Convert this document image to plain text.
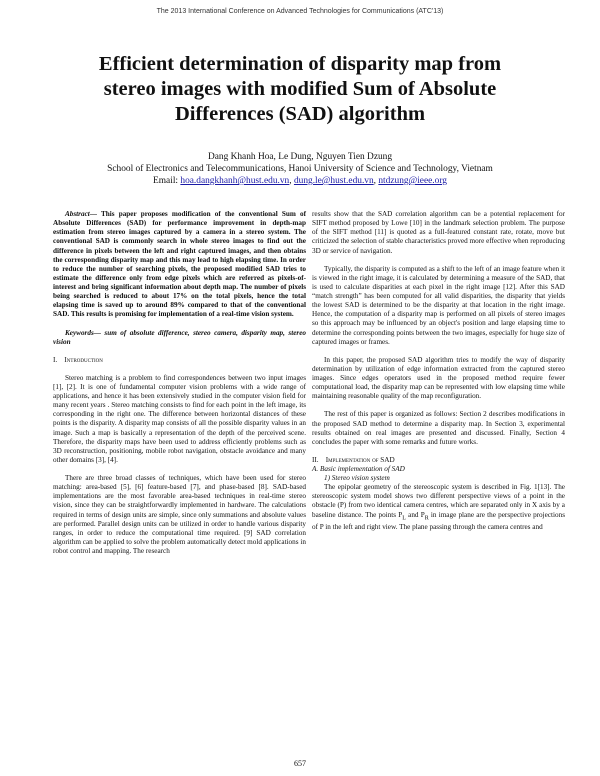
The 2013 International Conference on Advanced Technologies for Communications (ATC'13)
Efficient determination of disparity map from
stereo images with modified Sum of Absolute
Differences (SAD) algorithm
Dang Khanh Hoa, Le Dung, Nguyen Tien Dzung
School of Electronics and Telecommunications, Hanoi University of Science and Technology, Vietnam
Email: hoa.dangkhanh@hust.edu.vn, dung.le@hust.edu.vn, ntdzung@ieee.org

Abstract— This paper proposes modification of the conventional Sum of Absolute Differences (SAD) for performance improvement in depth-map estimation from stereo images captured by a camera in a stereo system. The conventional SAD is commonly search in whole stereo images to find out the difference in pixels between the left and right captured images, and then obtains the corresponding disparity map and this may lead to high elapsing time. In order to reduce the number of searching pixels, the proposed modified SAD tries to estimate the difference only from edge pixels which are referred as pixels-of-interest and bring significant information about depth map. The number of pixels being searched is reduced to about 17% on the total pixels, hence the total elapsing time is saved up to around 89% compared to that of the conventional SAD. This results is promising for implementation of a real-time vision system.

Keywords— sum of absolute difference, stereo camera, disparity map, stereo vision

I. Introduction

Stereo matching is a problem to find correspondences between two input images [1], [2]. It is one of fundamental computer vision problems with a wide range of applications, and hence it has been extensively studied in the computer vision field for many recent years . Stereo matching consists to find for each point in the left image, its corresponding in the right one. The difference between horizontal distances of these points is the disparity. A disparity map consists of all the possible disparity values in an image. Such a map is basically a representation of the depth of the perceived scene. Therefore, the disparity maps have been used to address efficiently problems such as 3D reconstruction, positioning, mobile robot navigation, obstacle avoidance and many other domains [3], [4].

There are three broad classes of techniques, which have been used for stereo matching: area-based [5], [6] feature-based [7], and phase-based [8]. SAD-based implementations are the most favorable area-based techniques in real-time stereo vision, since they can be straightforwardly implemented in hardware. The calculations required in terms of design units are simple, since only summations and absolute values are performed. Parallel design units can be utilized in order to handle various disparity ranges, in order to reduce the computational time required. [9] SAD correlation algorithm can be applied to solve the problem automatically detect mold applications in robot control and mapping. The research

results show that the SAD correlation algorithm can be a potential replacement for SIFT method proposed by Lowe [10] in the landmark selection problem. The purpose of the SIFT method [11] is quoted as a full-featured constant rate, rotate, move but criticized the selection of stable characteristics proved more effective when reproducing 3D or service of navigation.

Typically, the disparity is computed as a shift to the left of an image feature when it is viewed in the right image, it is calculated by determining a measure of the SAD, that is used to calculate disparities at each pixel in the right image [12]. After this SAD “match strength” has been computed for all valid disparities, the disparity that yields the lowest SAD is determined to be the disparity at that location in the right image. Hence, the computation of a disparity map is performed on all pixels of stereo images so this approach may be influenced by an object's position and large elapsing time to determine the corresponding points between the two images, especially for huge size of captured images or frames.

In this paper, the proposed SAD algorithm tries to modify the way of disparity determination by utilization of edge information extracted from the captured stereo images. Since edges operators used in the proposed method require fewer computational load, the disparity map can be represented with low elapsing time while maintaining reasonable quality of the map reconfiguration.

The rest of this paper is organized as follows: Section 2 describes modifications in the proposed SAD method to determine a disparity map. In Section 3, experimental results obtained on real images are presented and discussed. Finally, Section 4 concludes the paper with some remarks and future works.

II. Implementation of SAD

A. Basic implementation of SAD

1) Stereo vision system

The epipolar geometry of the stereoscopic system is described in Fig. 1[13]. The stereoscopic system model shows two different perspective views of a point in the obstacle (P) from two identical camera centres, which are separated only in X axis by a baseline distance. The points $P_L$ and $P_R$ in image plane are the perspective projections of P in the left and right view. The plane passing through the camera centres and

657
